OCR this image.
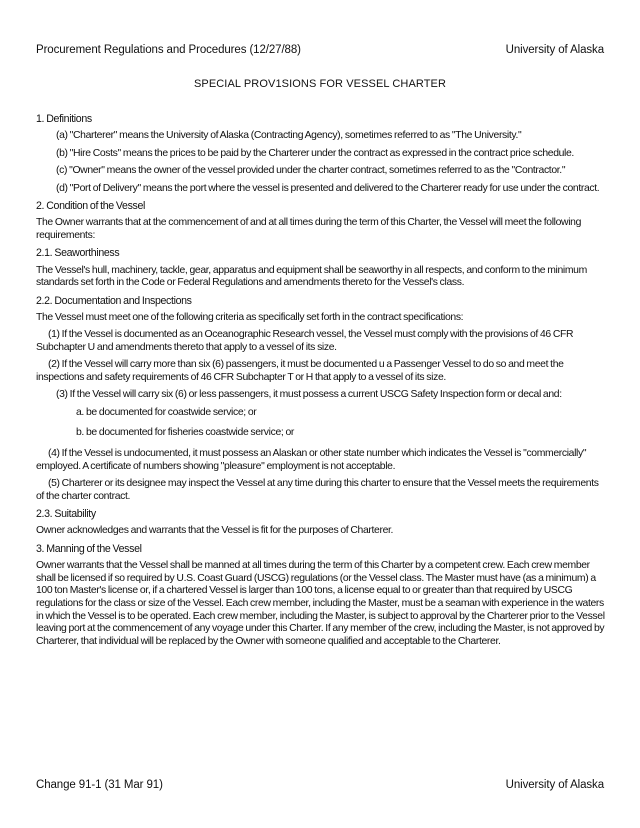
Procurement Regulations and Procedures (12/27/88)	University of Alaska
SPECIAL PROV1SIONS FOR VESSEL CHARTER

1. Definitions

(a) "Charterer" means the University of Alaska (Contracting Agency), sometimes referred to as "The University."

(b) "Hire Costs" means the prices to be paid by the Charterer under the contract as expressed in the contract price schedule.

(c) "Owner" means the owner of the vessel provided under the charter contract, sometimes referred to as the "Contractor."

(d) "Port of Delivery" means the port where the vessel is presented and delivered to the Charterer ready for use under the contract.

2. Condition of the Vessel

The Owner warrants that at the commencement of and at all times during the term of this Charter, the Vessel will meet the following requirements:

2.1. Seaworthiness

The Vessel's hull, machinery, tackle, gear, apparatus and equipment shall be seaworthy in all respects, and conform to the minimum standards set forth in the Code or Federal Regulations and amendments thereto for the Vessel's class.

2.2. Documentation and Inspections

The Vessel must meet one of the following criteria as specifically set forth in the contract specifications:

(1) If the Vessel is documented as an Oceanographic Research vessel, the Vessel must comply with the provisions of 46 CFR Subchapter U and amendments thereto that apply to a vessel of its size.

(2) If the Vessel will carry more than six (6) passengers, it must be documented u a Passenger Vessel to do so and meet the inspections and safety requirements of 46 CFR Subchapter T or H that apply to a vessel of its size.

(3) If the Vessel will carry six (6) or less passengers, it must possess a current USCG Safety Inspection form or decal and:

a. be documented for coastwide service; or

b. be documented for fisheries coastwide service; or

(4) If the Vessel is undocumented, it must possess an Alaskan or other state number which indicates the Vessel is "commercially" employed. A certificate of numbers showing "pleasure" employment is not acceptable.

(5) Charterer or its designee may inspect the Vessel at any time during this charter to ensure that the Vessel meets the requirements of the charter contract.

2.3. Suitability

Owner acknowledges and warrants that the Vessel is fit for the purposes of Charterer.

3. Manning of the Vessel

Owner warrants that the Vessel shall be manned at all times during the term of this Charter by a competent crew. Each crew member shall be licensed if so required by U.S. Coast Guard (USCG) regulations (or the Vessel class. The Master must have (as a minimum) a 100 ton Master's license or, if a chartered Vessel is larger than 100 tons, a license equal to or greater than that required by USCG regulations for the class or size of the Vessel. Each crew member, including the Master, must be a seaman with experience in the waters in which the Vessel is to be operated. Each crew member, including the Master, is subject to approval by the Charterer prior to the Vessel leaving port at the commencement of any voyage under this Charter. If any member of the crew, including the Master, is not approved by Charterer, that individual will be replaced by the Owner with someone qualified and acceptable to the Charterer.

Change 91-1 (31 Mar 91)	University of Alaska
